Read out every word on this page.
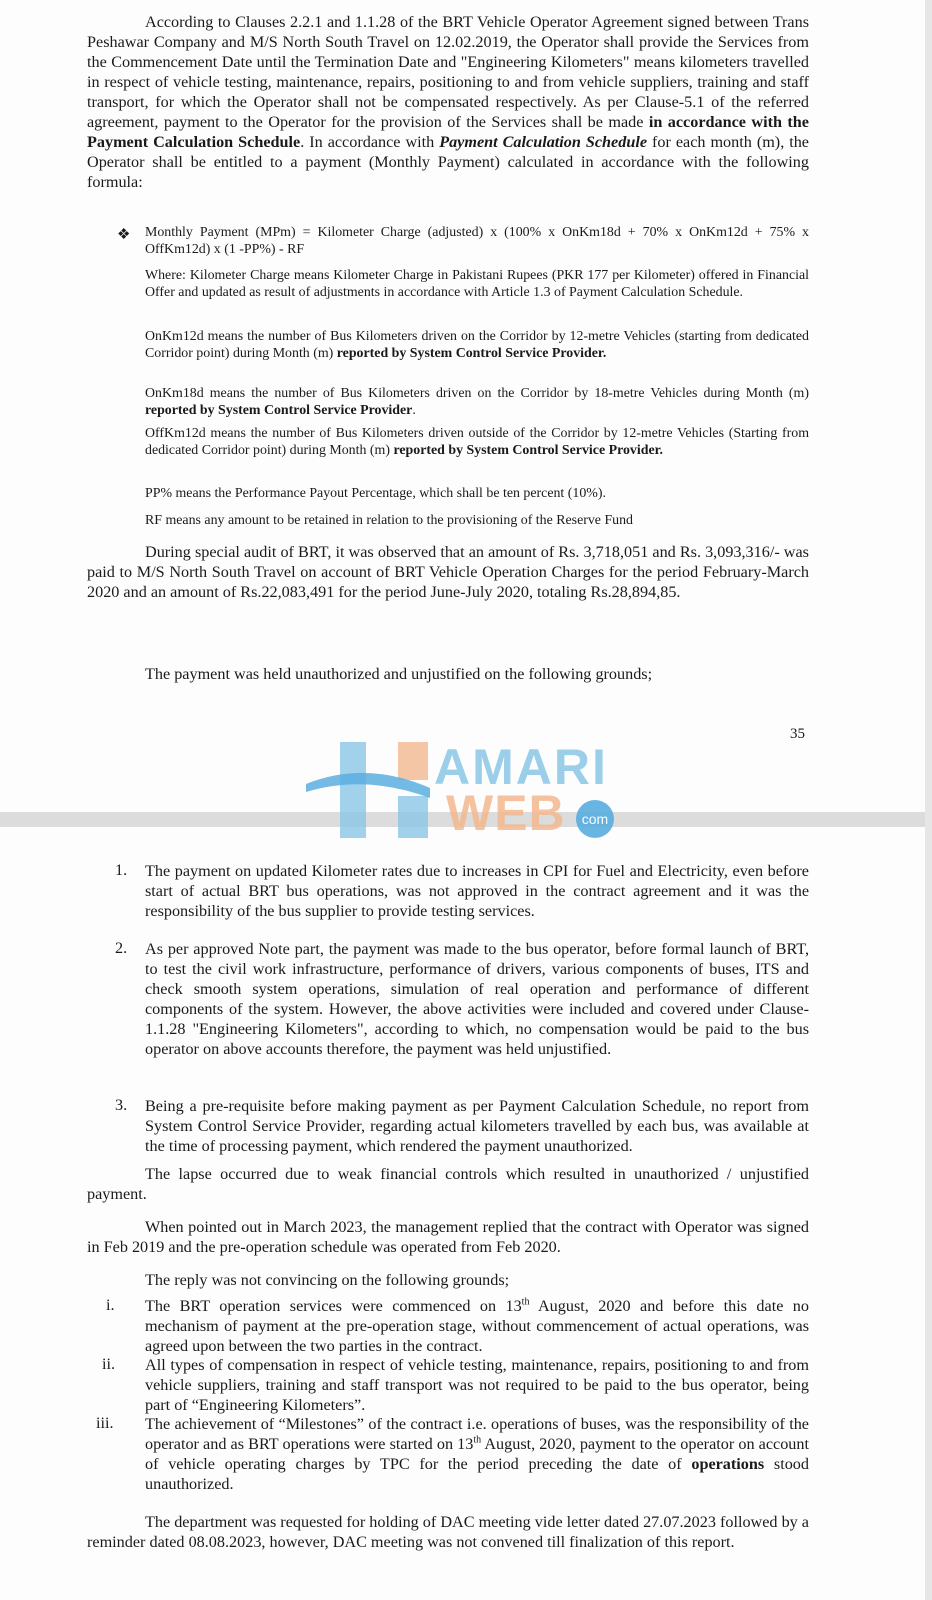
According to Clauses 2.2.1 and 1.1.28 of the BRT Vehicle Operator Agreement signed between Trans Peshawar Company and M/S North South Travel on 12.02.2019, the Operator shall provide the Services from the Commencement Date until the Termination Date and "Engineering Kilometers" means kilometers travelled in respect of vehicle testing, maintenance, repairs, positioning to and from vehicle suppliers, training and staff transport, for which the Operator shall not be compensated respectively. As per Clause-5.1 of the referred agreement, payment to the Operator for the provision of the Services shall be made in accordance with the Payment Calculation Schedule. In accordance with Payment Calculation Schedule for each month (m), the Operator shall be entitled to a payment (Monthly Payment) calculated in accordance with the following formula:

❖ Monthly Payment (MPm) = Kilometer Charge (adjusted) x (100% x OnKm18d + 70% x OnKm12d + 75% x OffKm12d) x (1 -PP%) - RF

Where: Kilometer Charge means Kilometer Charge in Pakistani Rupees (PKR 177 per Kilometer) offered in Financial Offer and updated as result of adjustments in accordance with Article 1.3 of Payment Calculation Schedule.

OnKm12d means the number of Bus Kilometers driven on the Corridor by 12-metre Vehicles (starting from dedicated Corridor point) during Month (m) reported by System Control Service Provider.

OnKm18d means the number of Bus Kilometers driven on the Corridor by 18-metre Vehicles during Month (m) reported by System Control Service Provider.

OffKm12d means the number of Bus Kilometers driven outside of the Corridor by 12-metre Vehicles (Starting from dedicated Corridor point) during Month (m) reported by System Control Service Provider.

PP% means the Performance Payout Percentage, which shall be ten percent (10%).

RF means any amount to be retained in relation to the provisioning of the Reserve Fund

During special audit of BRT, it was observed that an amount of Rs. 3,718,051 and Rs. 3,093,316/- was paid to M/S North South Travel on account of BRT Vehicle Operation Charges for the period February-March 2020 and an amount of Rs.22,083,491 for the period June-July 2020, totaling Rs.28,894,85.

The payment was held unauthorized and unjustified on the following grounds;

35
AMARI
WEB	com
1. The payment on updated Kilometer rates due to increases in CPI for Fuel and Electricity, even before start of actual BRT bus operations, was not approved in the contract agreement and it was the responsibility of the bus supplier to provide testing services.

2. As per approved Note part, the payment was made to the bus operator, before formal launch of BRT, to test the civil work infrastructure, performance of drivers, various components of buses, ITS and check smooth system operations, simulation of real operation and performance of different components of the system. However, the above activities were included and covered under Clause-1.1.28 "Engineering Kilometers", according to which, no compensation would be paid to the bus operator on above accounts therefore, the payment was held unjustified.

3. Being a pre-requisite before making payment as per Payment Calculation Schedule, no report from System Control Service Provider, regarding actual kilometers travelled by each bus, was available at the time of processing payment, which rendered the payment unauthorized.

The lapse occurred due to weak financial controls which resulted in unauthorized / unjustified payment.

When pointed out in March 2023, the management replied that the contract with Operator was signed in Feb 2019 and the pre-operation schedule was operated from Feb 2020.

The reply was not convincing on the following grounds;

i. The BRT operation services were commenced on 13th August, 2020 and before this date no mechanism of payment at the pre-operation stage, without commencement of actual operations, was agreed upon between the two parties in the contract.

ii. All types of compensation in respect of vehicle testing, maintenance, repairs, positioning to and from vehicle suppliers, training and staff transport was not required to be paid to the bus operator, being part of “Engineering Kilometers”.

iii. The achievement of “Milestones” of the contract i.e. operations of buses, was the responsibility of the operator and as BRT operations were started on 13th August, 2020, payment to the operator on account of vehicle operating charges by TPC for the period preceding the date of operations stood unauthorized.

The department was requested for holding of DAC meeting vide letter dated 27.07.2023 followed by a reminder dated 08.08.2023, however, DAC meeting was not convened till finalization of this report.
